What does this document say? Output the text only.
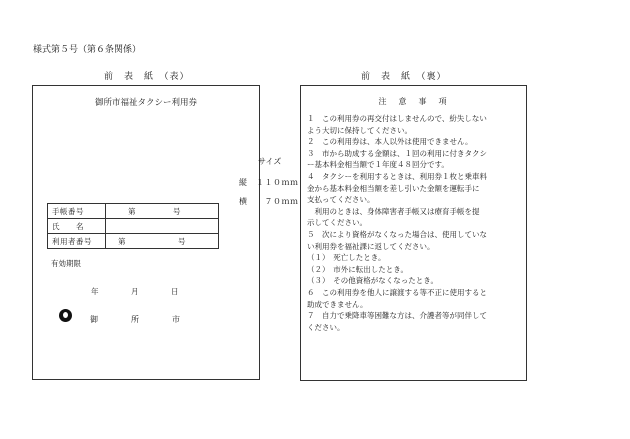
様式第５号（第６条関係）
前　表　紙　（表）	前　表　紙　（裏）
御所市福祉タクシー利用券
手帳番号	第　　　　　号
氏　　名	
利用者番号	第　　　　　　　号
有効期限
年	月	日
御	所	市
サイズ
縦　１１０ｍｍ
横　　７０ｍｍ
注　意　事　項
１　この利用券の再交付はしませんので、紛失しない
よう大切に保持してください。
２　この利用券は、本人以外は使用できません。
３　市から助成する金額は、１回の利用に付きタクシ
ー基本料金相当額で１年度４８回分です。
４　タクシーを利用するときは、利用券１枚と乗車料
金から基本料金相当額を差し引いた金額を運転手に
支払ってください。
　利用のときは、身体障害者手帳又は療育手帳を提
示してください。
５　次により資格がなくなった場合は、使用していな
い利用券を福祉課に返してください。
（１）　死亡したとき。
（２）　市外に転出したとき。
（３）　その他資格がなくなったとき。
６　この利用券を他人に譲渡する等不正に使用すると
助成できません。
７　自力で乗降車等困難な方は、介護者等が同伴して
ください。
